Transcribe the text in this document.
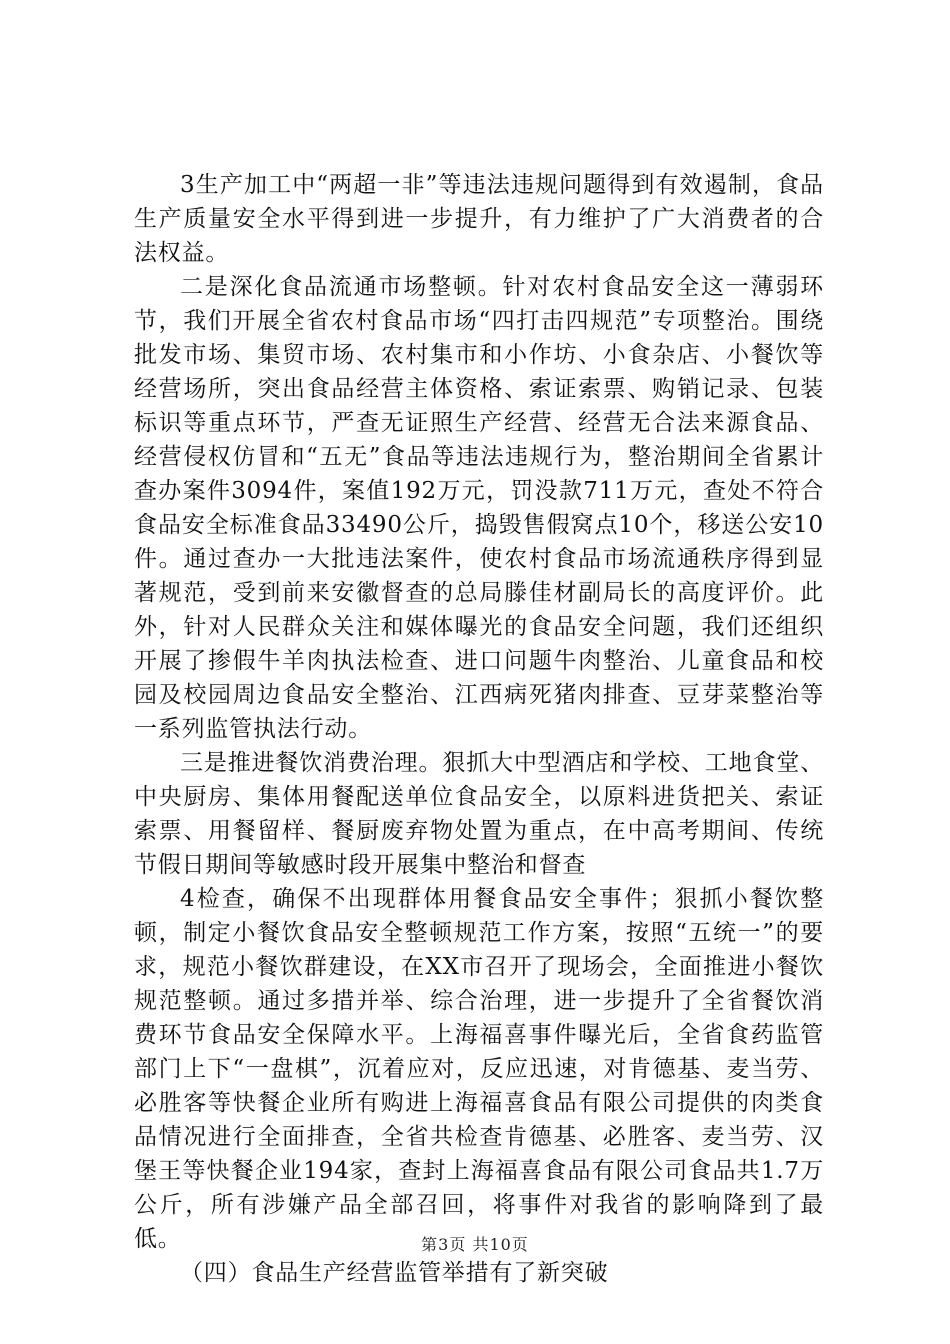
3生产加工中“两超一非”等违法违规问题得到有效遏制，食品生产质量安全水平得到进一步提升，有力维护了广大消费者的合法权益。

二是深化食品流通市场整顿。针对农村食品安全这一薄弱环节，我们开展全省农村食品市场“四打击四规范”专项整治。围绕批发市场、集贸市场、农村集市和小作坊、小食杂店、小餐饮等经营场所，突出食品经营主体资格、索证索票、购销记录、包装标识等重点环节，严查无证照生产经营、经营无合法来源食品、经营侵权仿冒和“五无”食品等违法违规行为，整治期间全省累计查办案件3094件，案值192万元，罚没款711万元，查处不符合食品安全标准食品33490公斤，捣毁售假窝点10个，移送公安10件。通过查办一大批违法案件，使农村食品市场流通秩序得到显著规范，受到前来安徽督查的总局滕佳材副局长的高度评价。此外，针对人民群众关注和媒体曝光的食品安全问题，我们还组织开展了掺假牛羊肉执法检查、进口问题牛肉整治、儿童食品和校园及校园周边食品安全整治、江西病死猪肉排查、豆芽菜整治等一系列监管执法行动。

三是推进餐饮消费治理。狠抓大中型酒店和学校、工地食堂、中央厨房、集体用餐配送单位食品安全，以原料进货把关、索证索票、用餐留样、餐厨废弃物处置为重点，在中高考期间、传统节假日期间等敏感时段开展集中整治和督查

4检查，确保不出现群体用餐食品安全事件；狠抓小餐饮整顿，制定小餐饮食品安全整顿规范工作方案，按照“五统一”的要求，规范小餐饮群建设，在XX市召开了现场会，全面推进小餐饮规范整顿。通过多措并举、综合治理，进一步提升了全省餐饮消费环节食品安全保障水平。上海福喜事件曝光后，全省食药监管部门上下“一盘棋”，沉着应对，反应迅速，对肯德基、麦当劳、必胜客等快餐企业所有购进上海福喜食品有限公司提供的肉类食品情况进行全面排查，全省共检查肯德基、必胜客、麦当劳、汉堡王等快餐企业194家，查封上海福喜食品有限公司食品共1.7万公斤，所有涉嫌产品全部召回，将事件对我省的影响降到了最低。

（四）食品生产经营监管举措有了新突破

第3页 共10页
